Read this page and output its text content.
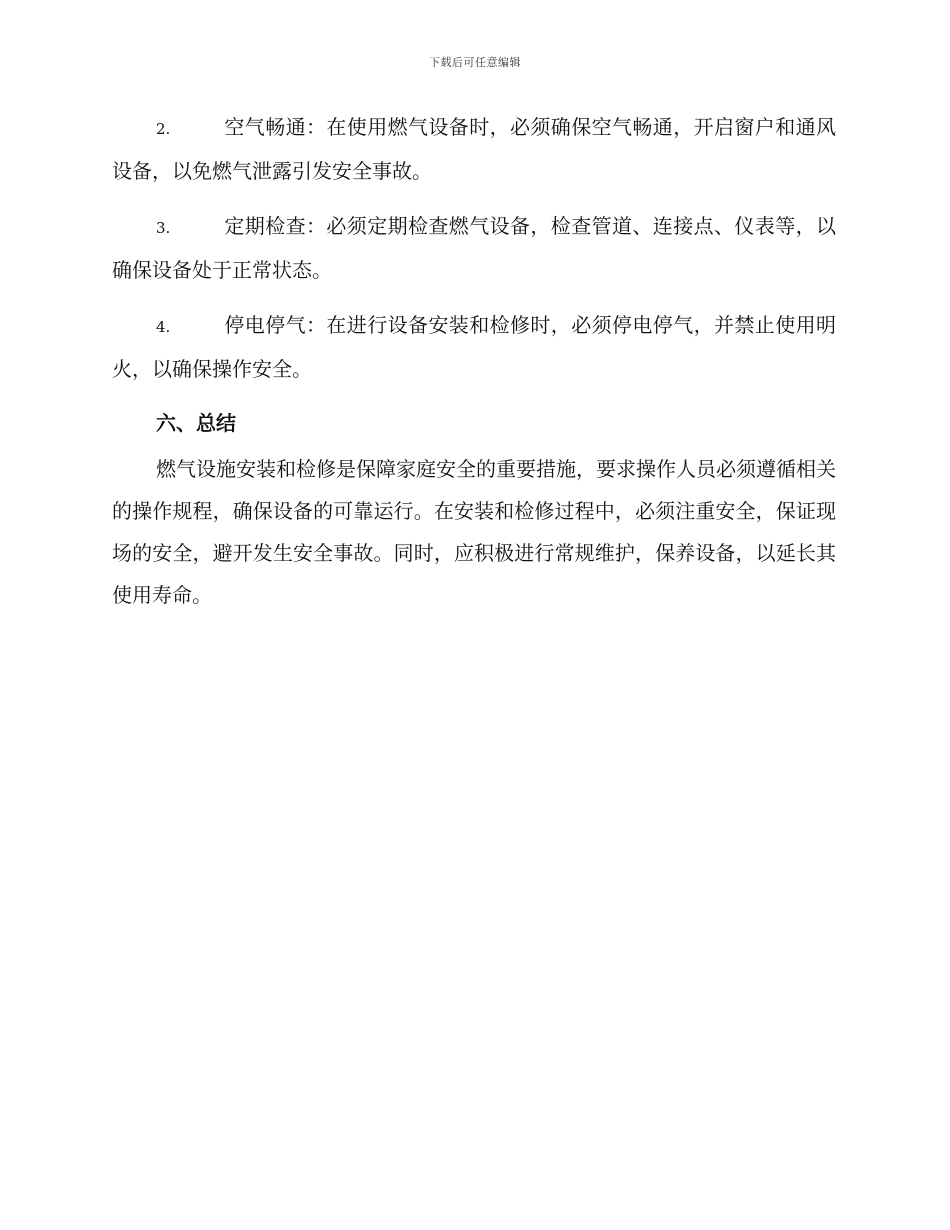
下载后可任意编辑

2.	空气畅通：在使用燃气设备时，必须确保空气畅通，开启窗户和通风设备，以免燃气泄露引发安全事故。

3.	定期检查：必须定期检查燃气设备，检查管道、连接点、仪表等，以确保设备处于正常状态。

4.	停电停气：在进行设备安装和检修时，必须停电停气，并禁止使用明火，以确保操作安全。

六、总结

燃气设施安装和检修是保障家庭安全的重要措施，要求操作人员必须遵循相关的操作规程，确保设备的可靠运行。在安装和检修过程中，必须注重安全，保证现场的安全，避开发生安全事故。同时，应积极进行常规维护，保养设备，以延长其使用寿命。
